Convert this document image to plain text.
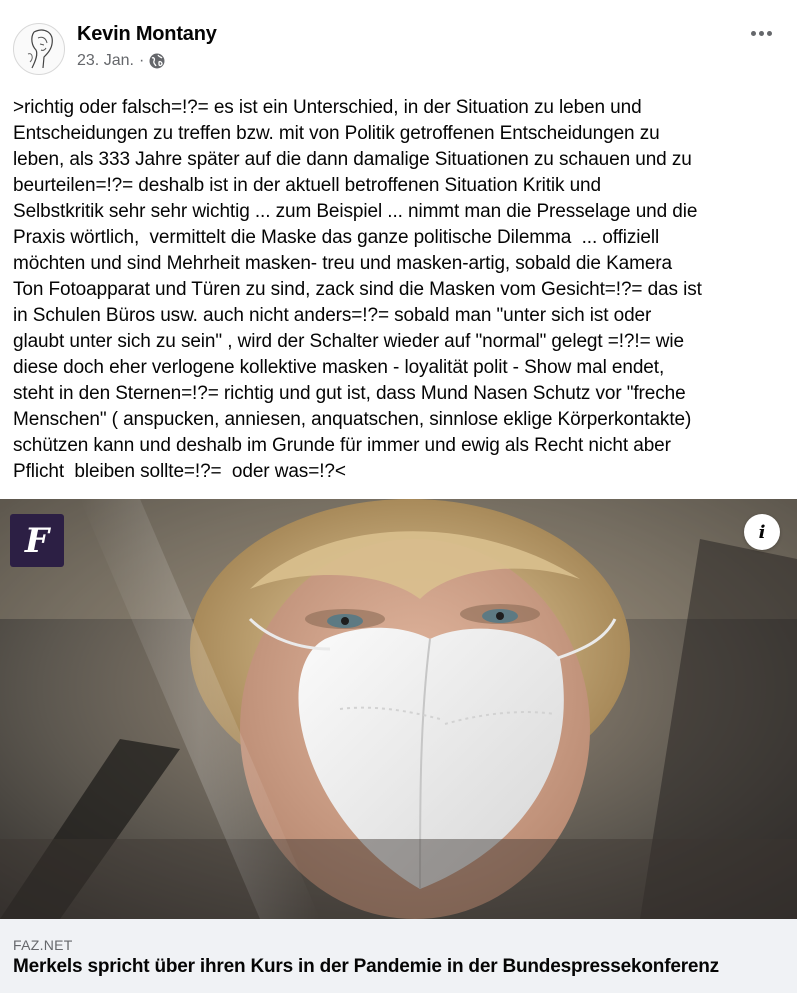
Kevin Montany
23. Jan. ·

>richtig oder falsch=!?= es ist ein Unterschied, in der Situation zu leben und
Entscheidungen zu treffen bzw. mit von Politik getroffenen Entscheidungen zu
leben, als 333 Jahre später auf die dann damalige Situationen zu schauen und zu
beurteilen=!?= deshalb ist in der aktuell betroffenen Situation Kritik und
Selbstkritik sehr sehr wichtig ... zum Beispiel ... nimmt man die Presselage und die
Praxis wörtlich,  vermittelt die Maske das ganze politische Dilemma  ... offiziell
möchten und sind Mehrheit masken- treu und masken-artig, sobald die Kamera
Ton Fotoapparat und Türen zu sind, zack sind die Masken vom Gesicht=!?= das ist
in Schulen Büros usw. auch nicht anders=!?= sobald man "unter sich ist oder
glaubt unter sich zu sein" , wird der Schalter wieder auf "normal" gelegt =!?!= wie
diese doch eher verlogene kollektive masken - loyalität polit - Show mal endet,
steht in den Sternen=!?= richtig und gut ist, dass Mund Nasen Schutz vor "freche
Menschen" ( anspucken, anniesen, anquatschen, sinnlose eklige Körperkontakte)
schützen kann und deshalb im Grunde für immer und ewig als Recht nicht aber
Pflicht  bleiben sollte=!?=  oder was=!?<

F	i
FAZ.NET
Merkels spricht über ihren Kurs in der Pandemie in der Bundespressekonferenz
